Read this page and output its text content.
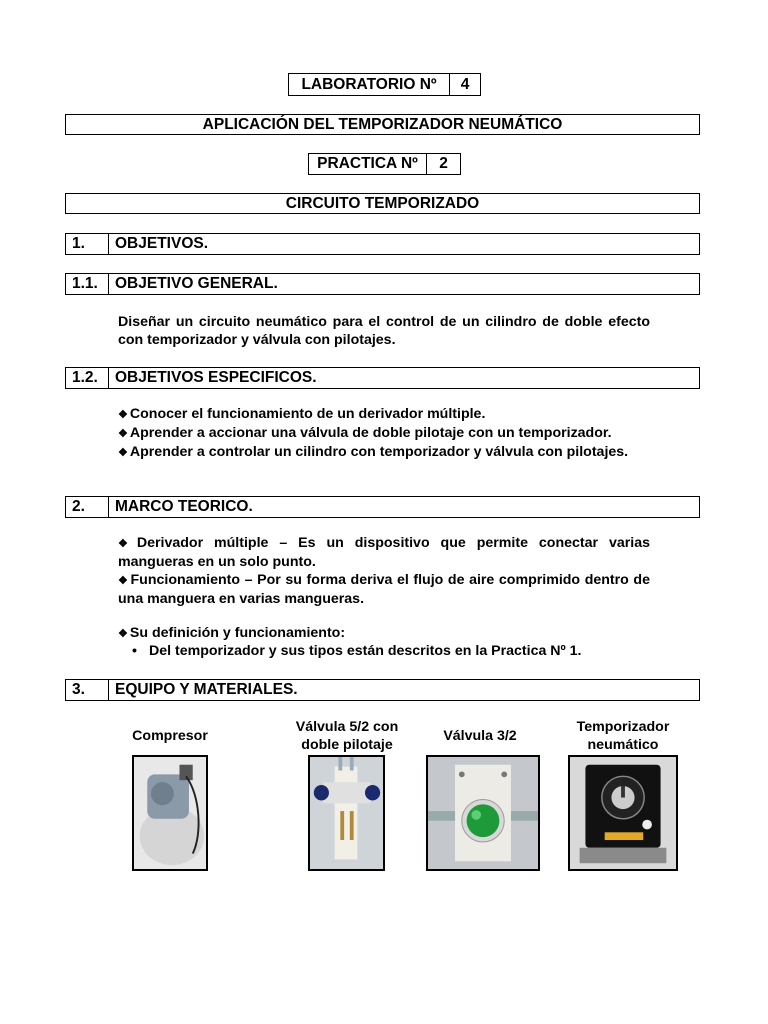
LABORATORIO Nº	4
APLICACIÓN DEL TEMPORIZADOR NEUMÁTICO
PRACTICA Nº	2
CIRCUITO TEMPORIZADO
1.	OBJETIVOS.
1.1.	OBJETIVO GENERAL.

Diseñar un circuito neumático para el control de un cilindro de doble efecto con temporizador y válvula con pilotajes.

1.2.	OBJETIVOS ESPECIFICOS.

❖ Conocer el funcionamiento de un derivador múltiple.

❖ Aprender a accionar una válvula de doble pilotaje con un temporizador.

❖ Aprender a controlar un cilindro con temporizador y válvula con pilotajes.

2.	MARCO TEORICO.

❖ Derivador múltiple – Es un dispositivo que permite conectar varias mangueras en un solo punto.

❖ Funcionamiento – Por su forma deriva el flujo de aire comprimido dentro de una manguera en varias mangueras.

❖ Su definición y funcionamiento:

• Del temporizador y sus tipos están descritos en la Practica Nº 1.
3.	EQUIPO Y MATERIALES.
Compresor
Válvula 5/2 con doble pilotaje
Válvula 3/2
Temporizador neumático
